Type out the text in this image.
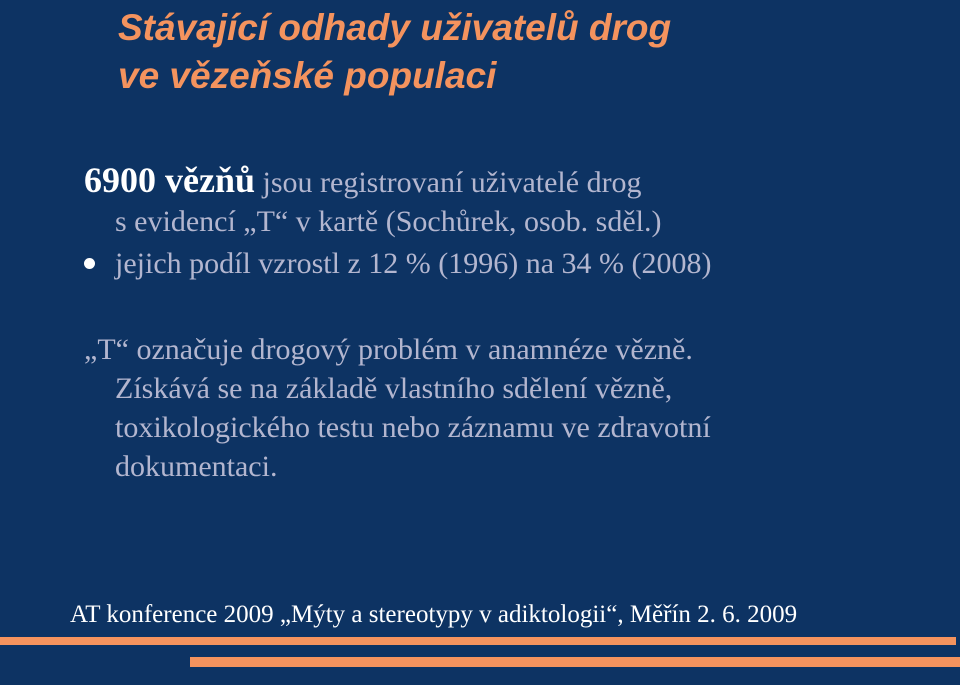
Stávající odhady uživatelů drog
ve vězeňské populaci
6900 vězňů jsou registrovaní uživatelé drog
s evidencí „T“ v kartě (Sochůrek, osob. sděl.)
jejich podíl vzrostl z 12 % (1996) na 34 % (2008)
„T“ označuje drogový problém v anamnéze vězně.
Získává se na základě vlastního sdělení vězně,
toxikologického testu nebo záznamu ve zdravotní
dokumentaci.
AT konference 2009 „Mýty a stereotypy v adiktologii“, Měřín 2. 6. 2009
